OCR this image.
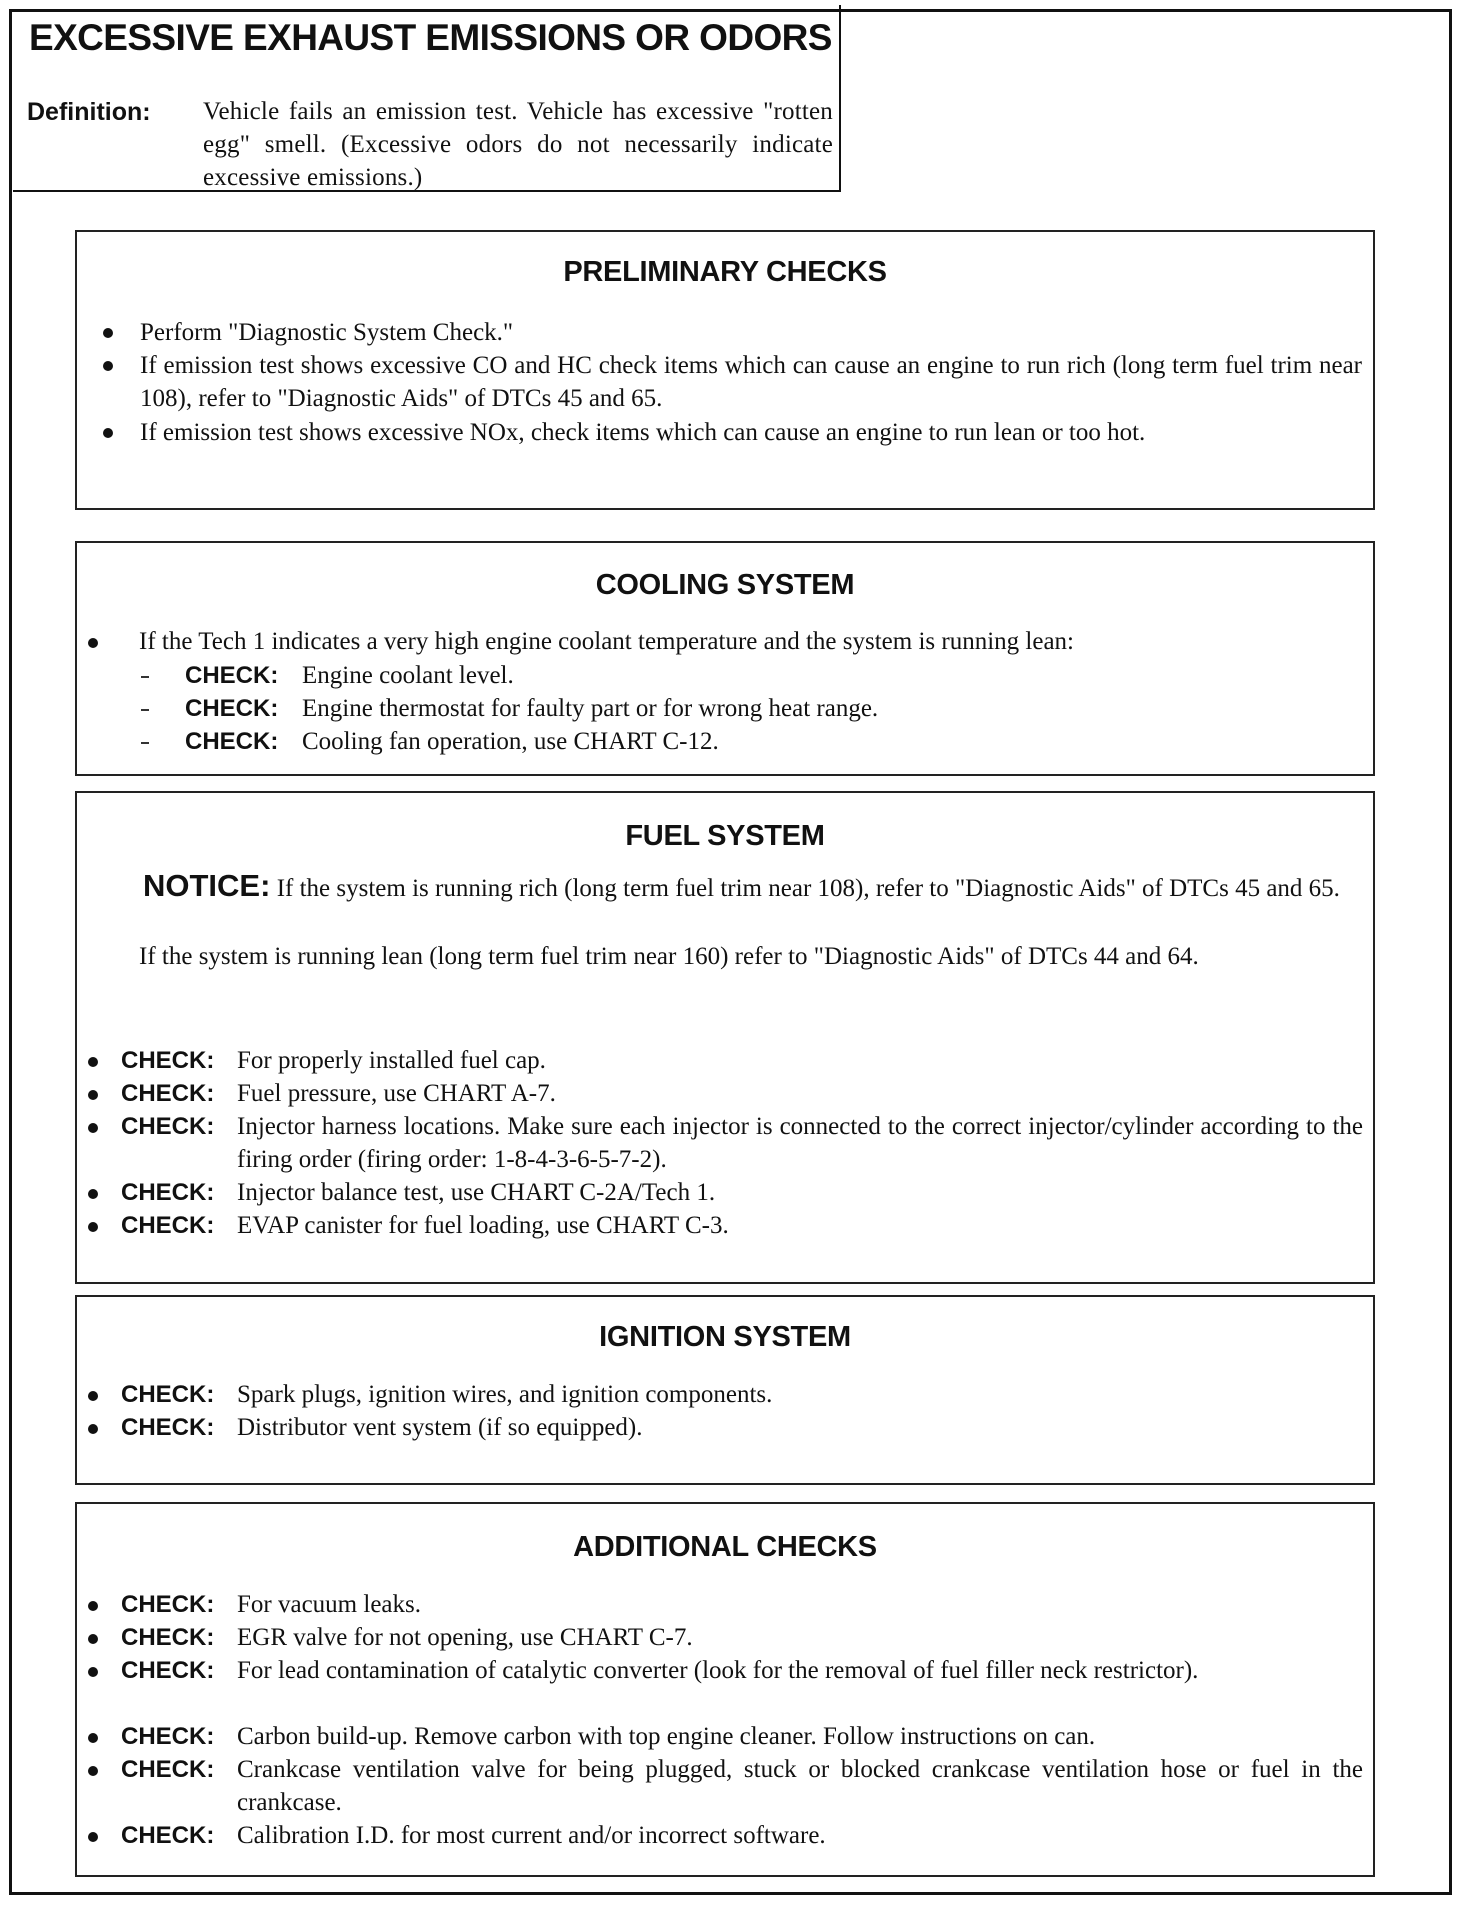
EXCESSIVE EXHAUST EMISSIONS OR ODORS
Definition: Vehicle fails an emission test. Vehicle has excessive "rotten egg" smell. (Excessive odors do not necessarily indicate excessive emissions.)
PRELIMINARY CHECKS
Perform "Diagnostic System Check."
If emission test shows excessive CO and HC check items which can cause an engine to run rich (long term fuel trim near 108), refer to "Diagnostic Aids" of DTCs 45 and 65.
If emission test shows excessive NOx, check items which can cause an engine to run lean or too hot.
COOLING SYSTEM
If the Tech 1 indicates a very high engine coolant temperature and the system is running lean:
CHECK: Engine coolant level.
CHECK: Engine thermostat for faulty part or for wrong heat range.
CHECK: Cooling fan operation, use CHART C-12.
FUEL SYSTEM
NOTICE: If the system is running rich (long term fuel trim near 108), refer to "Diagnostic Aids" of DTCs 45 and 65.
If the system is running lean (long term fuel trim near 160) refer to "Diagnostic Aids" of DTCs 44 and 64.
CHECK: For properly installed fuel cap.
CHECK: Fuel pressure, use CHART A-7.
CHECK: Injector harness locations. Make sure each injector is connected to the correct injector/cylinder according to the firing order (firing order: 1-8-4-3-6-5-7-2).
CHECK: Injector balance test, use CHART C-2A/Tech 1.
CHECK: EVAP canister for fuel loading, use CHART C-3.
IGNITION SYSTEM
CHECK: Spark plugs, ignition wires, and ignition components.
CHECK: Distributor vent system (if so equipped).
ADDITIONAL CHECKS
CHECK: For vacuum leaks.
CHECK: EGR valve for not opening, use CHART C-7.
CHECK: For lead contamination of catalytic converter (look for the removal of fuel filler neck restrictor).
CHECK: Carbon build-up. Remove carbon with top engine cleaner. Follow instructions on can.
CHECK: Crankcase ventilation valve for being plugged, stuck or blocked crankcase ventilation hose or fuel in the crankcase.
CHECK: Calibration I.D. for most current and/or incorrect software.
